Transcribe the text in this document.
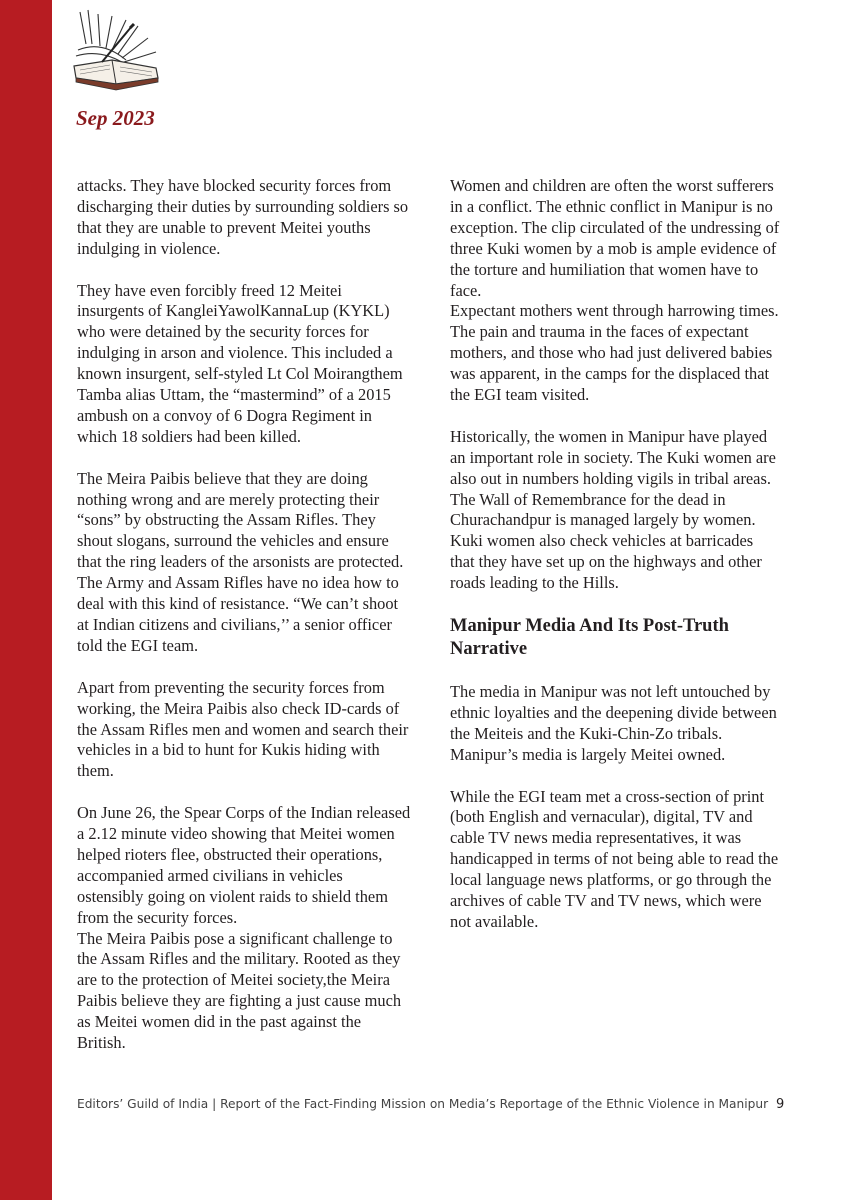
Sep 2023

attacks. They have blocked security forces from discharging their duties by surrounding soldiers so that they are unable to prevent Meitei youths indulging in violence.

They have even forcibly freed 12 Meitei insurgents of KangleiYawolKannaLup (KYKL) who were detained by the security forces for indulging in arson and violence. This included a known insurgent, self-styled Lt Col Moirangthem Tamba alias Uttam, the “mastermind” of a 2015 ambush on a convoy of 6 Dogra Regiment in which 18 soldiers had been killed.

The Meira Paibis believe that they are doing nothing wrong and are merely protecting their “sons” by obstructing the Assam Rifles. They shout slogans, surround the vehicles and ensure that the ring leaders of the arsonists are protected. The Army and Assam Rifles have no idea how to deal with this kind of resistance. “We can’t shoot at Indian citizens and civilians,’’ a senior officer told the EGI team.

Apart from preventing the security forces from working, the Meira Paibis also check ID-cards of the Assam Rifles men and women and search their vehicles in a bid to hunt for Kukis hiding with them.

On June 26, the Spear Corps of the Indian released a 2.12 minute video showing that Meitei women helped rioters flee, obstructed their operations, accompanied armed civilians in vehicles ostensibly going on violent raids to shield them from the security forces.

The Meira Paibis pose a significant challenge to the Assam Rifles and the military. Rooted as they are to the protection of Meitei society,the Meira Paibis believe they are fighting a just cause much as Meitei women did in the past against the British.

Women and children are often the worst sufferers in a conflict. The ethnic conflict in Manipur is no exception. The clip circulated of the undressing of three Kuki women by a mob is ample evidence of the torture and humiliation that women have to face.

Expectant mothers went through harrowing times. The pain and trauma in the faces of expectant mothers, and those who had just delivered babies was apparent, in the camps for the displaced that the EGI team visited.

Historically, the women in Manipur have played an important role in society. The Kuki women are also out in numbers holding vigils in tribal areas. The Wall of Remembrance for the dead in Churachandpur is managed largely by women. Kuki women also check vehicles at barricades that they have set up on the highways and other roads leading to the Hills.

Manipur Media And Its Post-Truth Narrative

The media in Manipur was not left untouched by ethnic loyalties and the deepening divide between the Meiteis and the Kuki-Chin-Zo tribals. Manipur’s media is largely Meitei owned.

While the EGI team met a cross-section of print (both English and vernacular), digital, TV and cable TV news media representatives, it was handicapped in terms of not being able to read the local language news platforms, or go through the archives of cable TV and TV news, which were not available.

Editors’ Guild of India | Report of the Fact-Finding Mission on Media’s Reportage of the Ethnic Violence in Manipur 9
